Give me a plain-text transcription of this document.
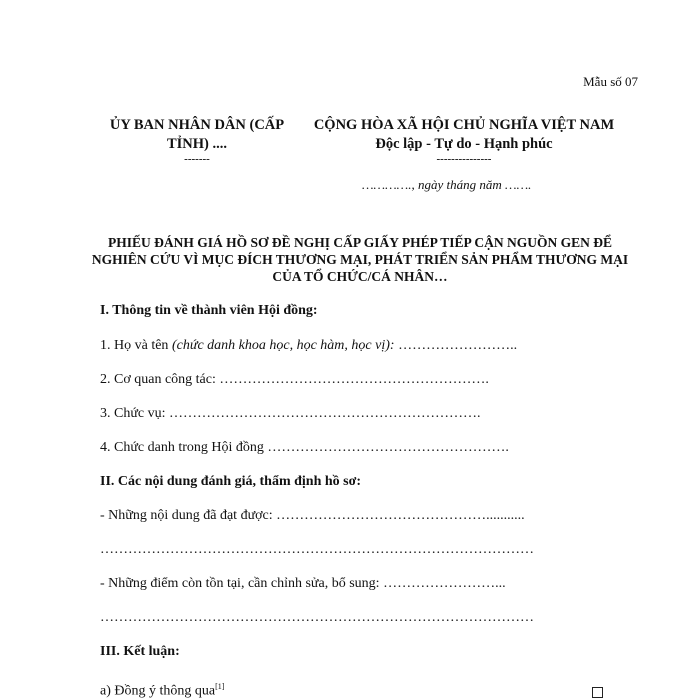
Mẫu số 07
ỦY BAN NHÂN DÂN (CẤP
TỈNH) ....
-------
CỘNG HÒA XÃ HỘI CHỦ NGHĨA VIỆT NAM
Độc lập - Tự do - Hạnh phúc
---------------
…………., ngày tháng năm …….
PHIẾU ĐÁNH GIÁ HỒ SƠ ĐỀ NGHỊ CẤP GIẤY PHÉP TIẾP CẬN NGUỒN GEN ĐỂ NGHIÊN CỨU VÌ MỤC ĐÍCH THƯƠNG MẠI, PHÁT TRIỂN SẢN PHẨM THƯƠNG MẠI CỦA TỔ CHỨC/CÁ NHÂN…
I. Thông tin về thành viên Hội đồng:
1. Họ và tên (chức danh khoa học, học hàm, học vị): ……………………..
2. Cơ quan công tác: ………………………………………………….
3. Chức vụ: ………………………………………………………….
4. Chức danh trong Hội đồng …………………………………………….
II. Các nội dung đánh giá, thẩm định hồ sơ:
- Những nội dung đã đạt được: ………………………………………...........
…………………………………………………………………………………
- Những điểm còn tồn tại, cần chỉnh sửa, bổ sung: ……………………...
…………………………………………………………………………………
III. Kết luận:
a) Đồng ý thông qua[1]
